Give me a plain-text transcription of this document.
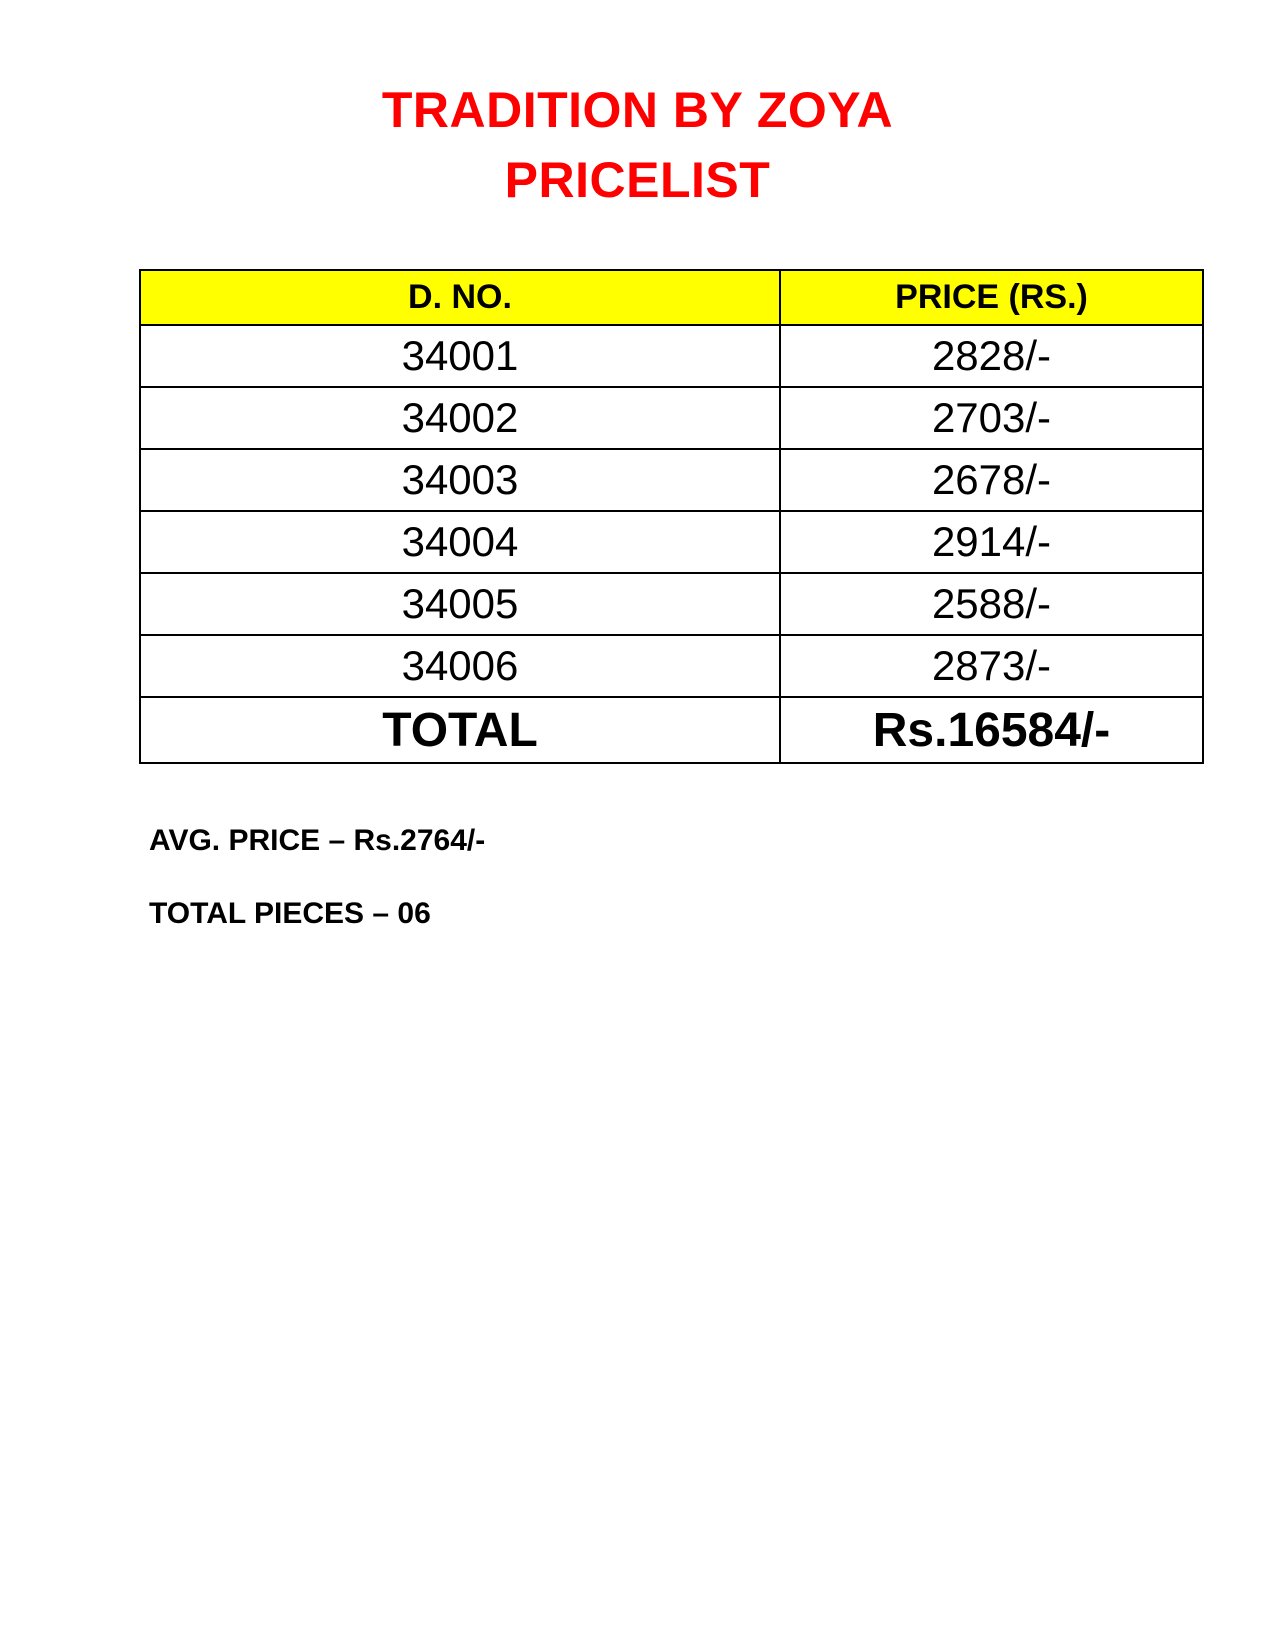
TRADITION BY ZOYA
PRICELIST
D. NO.	PRICE (RS.)
34001	2828/-
34002	2703/-
34003	2678/-
34004	2914/-
34005	2588/-
34006	2873/-
TOTAL	Rs.16584/-
AVG. PRICE – Rs.2764/-
TOTAL PIECES – 06
